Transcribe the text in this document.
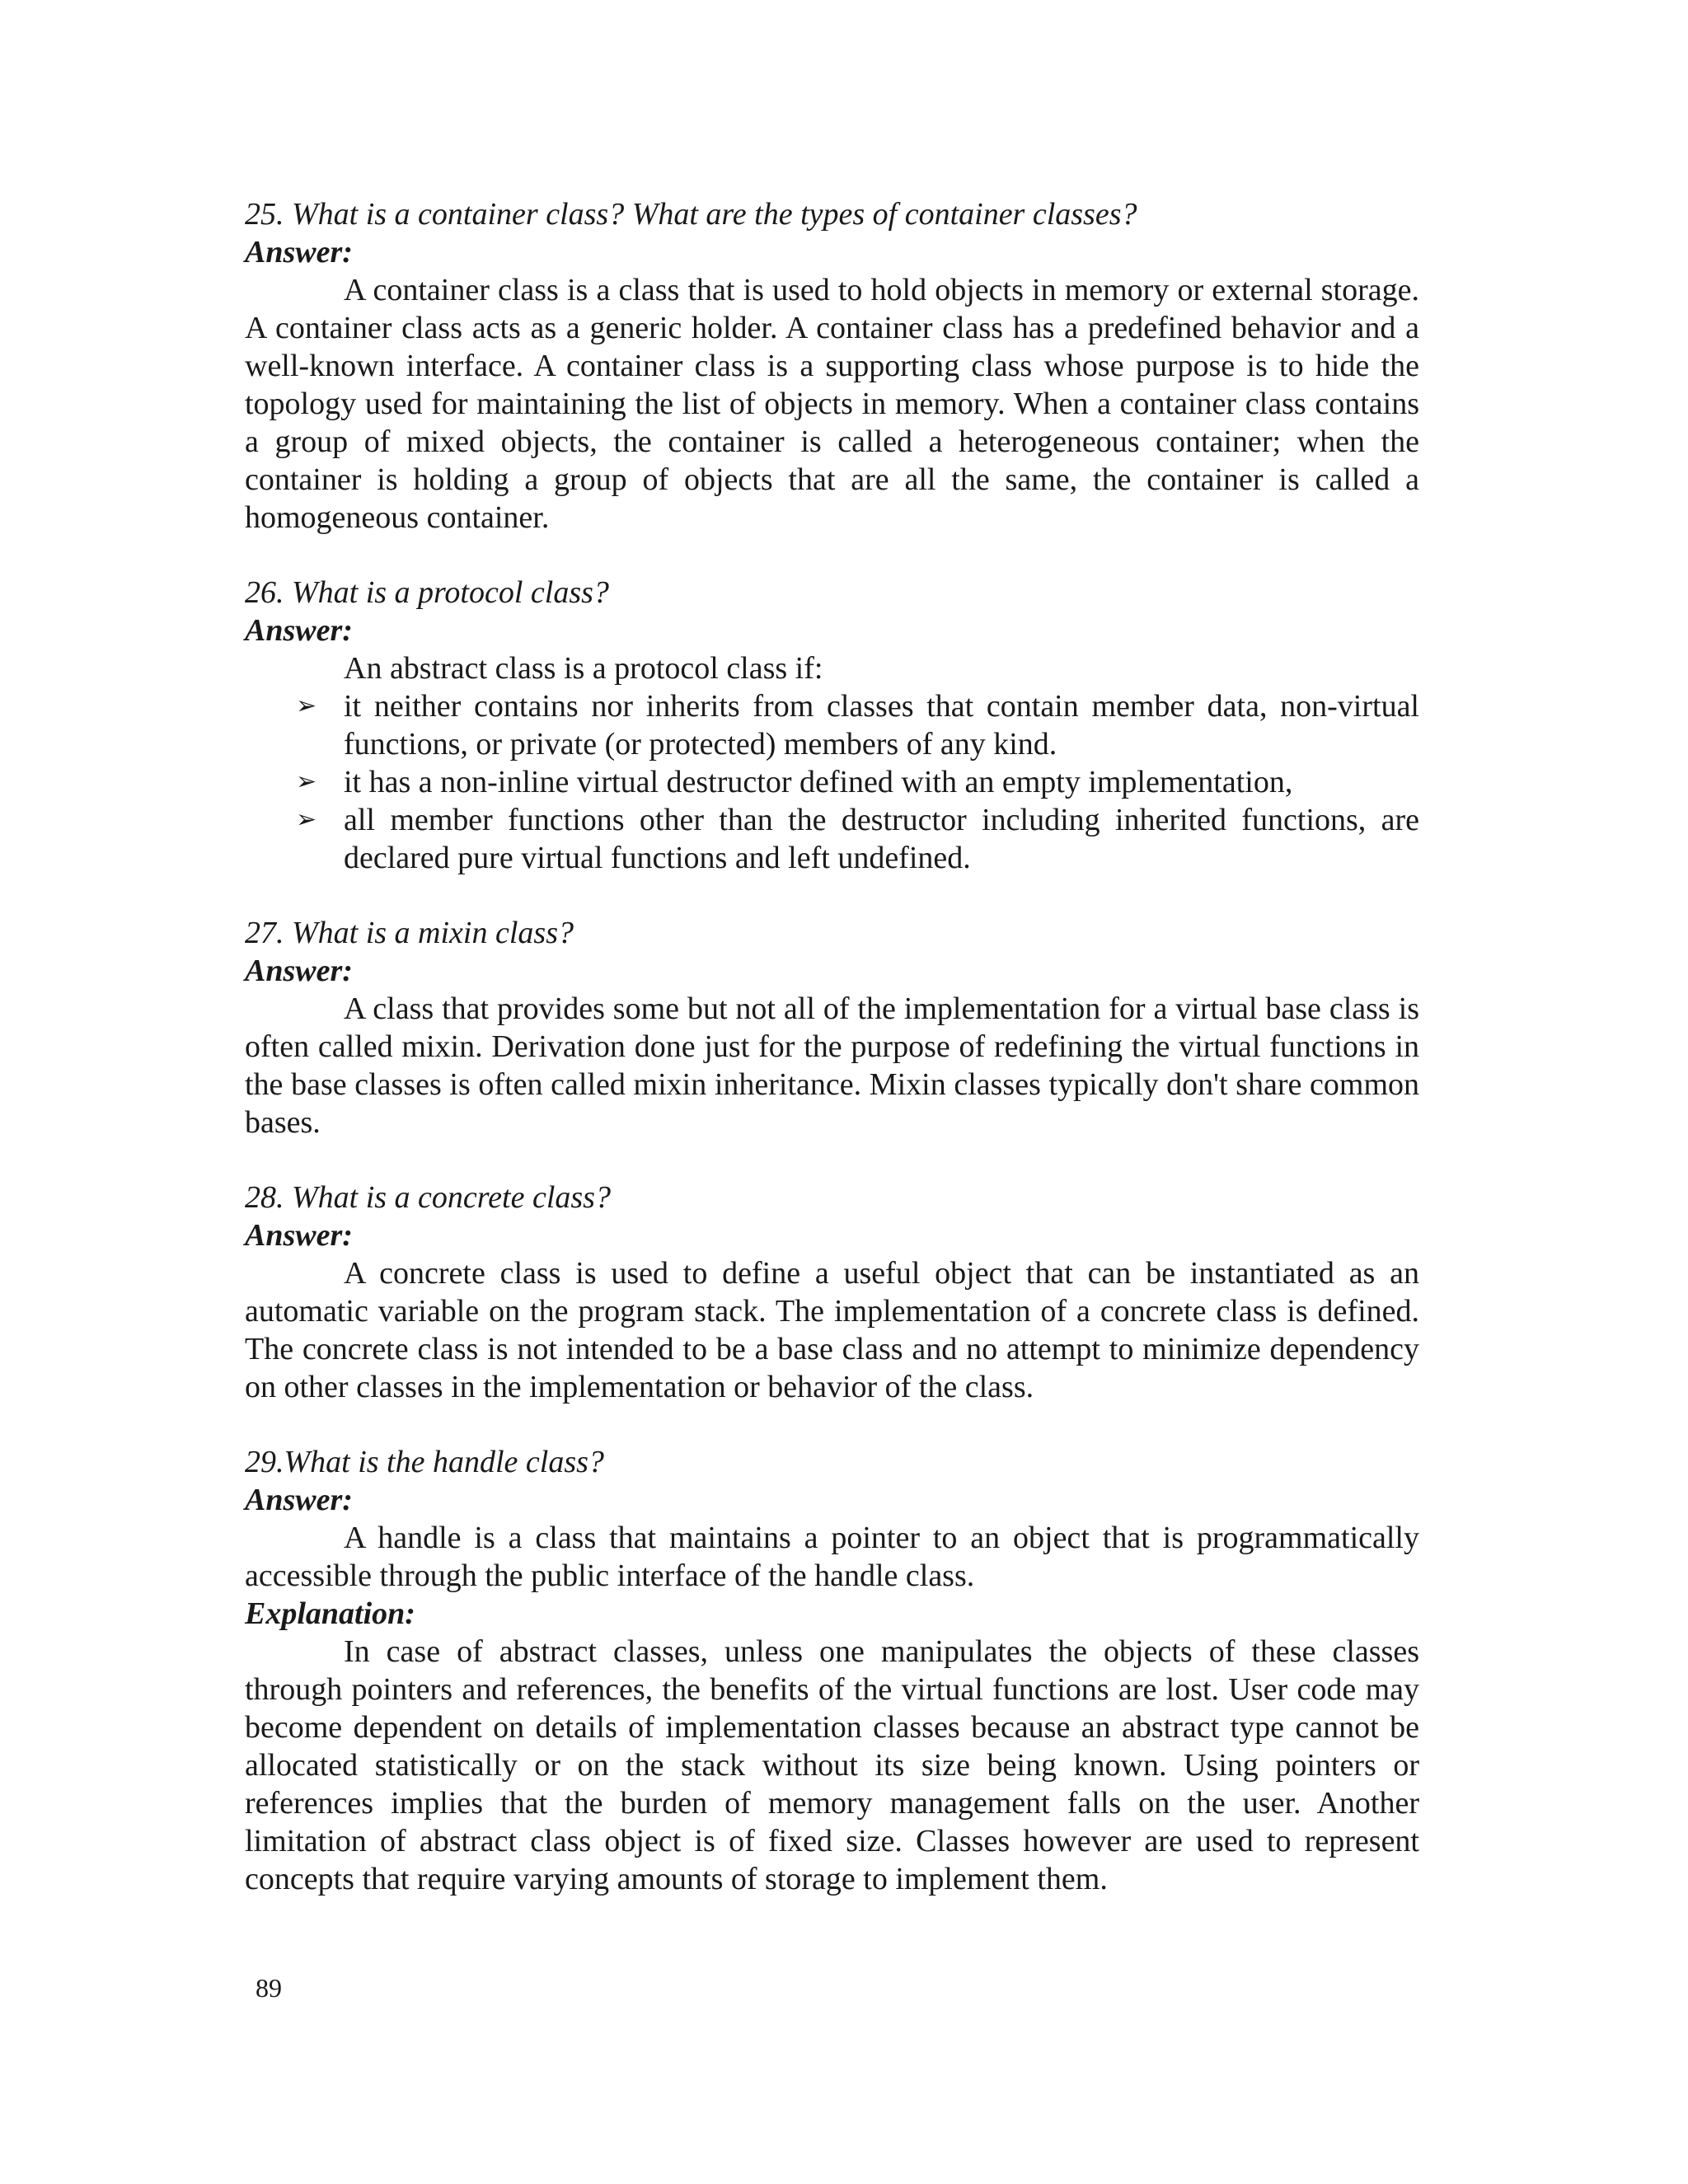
25. What is a container class? What are the types of container classes?

Answer:

A container class is a class that is used to hold objects in memory or external storage. A container class acts as a generic holder. A container class has a predefined behavior and a well-known interface. A container class is a supporting class whose purpose is to hide the topology used for maintaining the list of objects in memory. When a container class contains a group of mixed objects, the container is called a heterogeneous container; when the container is holding a group of objects that are all the same, the container is called a homogeneous container.

26. What is a protocol class?

Answer:

An abstract class is a protocol class if:

➢ it neither contains nor inherits from classes that contain member data, non-virtual functions, or private (or protected) members of any kind.
➢ it has a non-inline virtual destructor defined with an empty implementation,
➢ all member functions other than the destructor including inherited functions, are declared pure virtual functions and left undefined.

27. What is a mixin class?

Answer:

A class that provides some but not all of the implementation for a virtual base class is often called mixin. Derivation done just for the purpose of redefining the virtual functions in the base classes is often called mixin inheritance. Mixin classes typically don't share common bases.

28. What is a concrete class?

Answer:

A concrete class is used to define a useful object that can be instantiated as an automatic variable on the program stack. The implementation of a concrete class is defined. The concrete class is not intended to be a base class and no attempt to minimize dependency on other classes in the implementation or behavior of the class.

29.What is the handle class?

Answer:

A handle is a class that maintains a pointer to an object that is programmatically accessible through the public interface of the handle class.

Explanation:

In case of abstract classes, unless one manipulates the objects of these classes through pointers and references, the benefits of the virtual functions are lost. User code may become dependent on details of implementation classes because an abstract type cannot be allocated statistically or on the stack without its size being known. Using pointers or references implies that the burden of memory management falls on the user. Another limitation of abstract class object is of fixed size. Classes however are used to represent concepts that require varying amounts of storage to implement them.

89
